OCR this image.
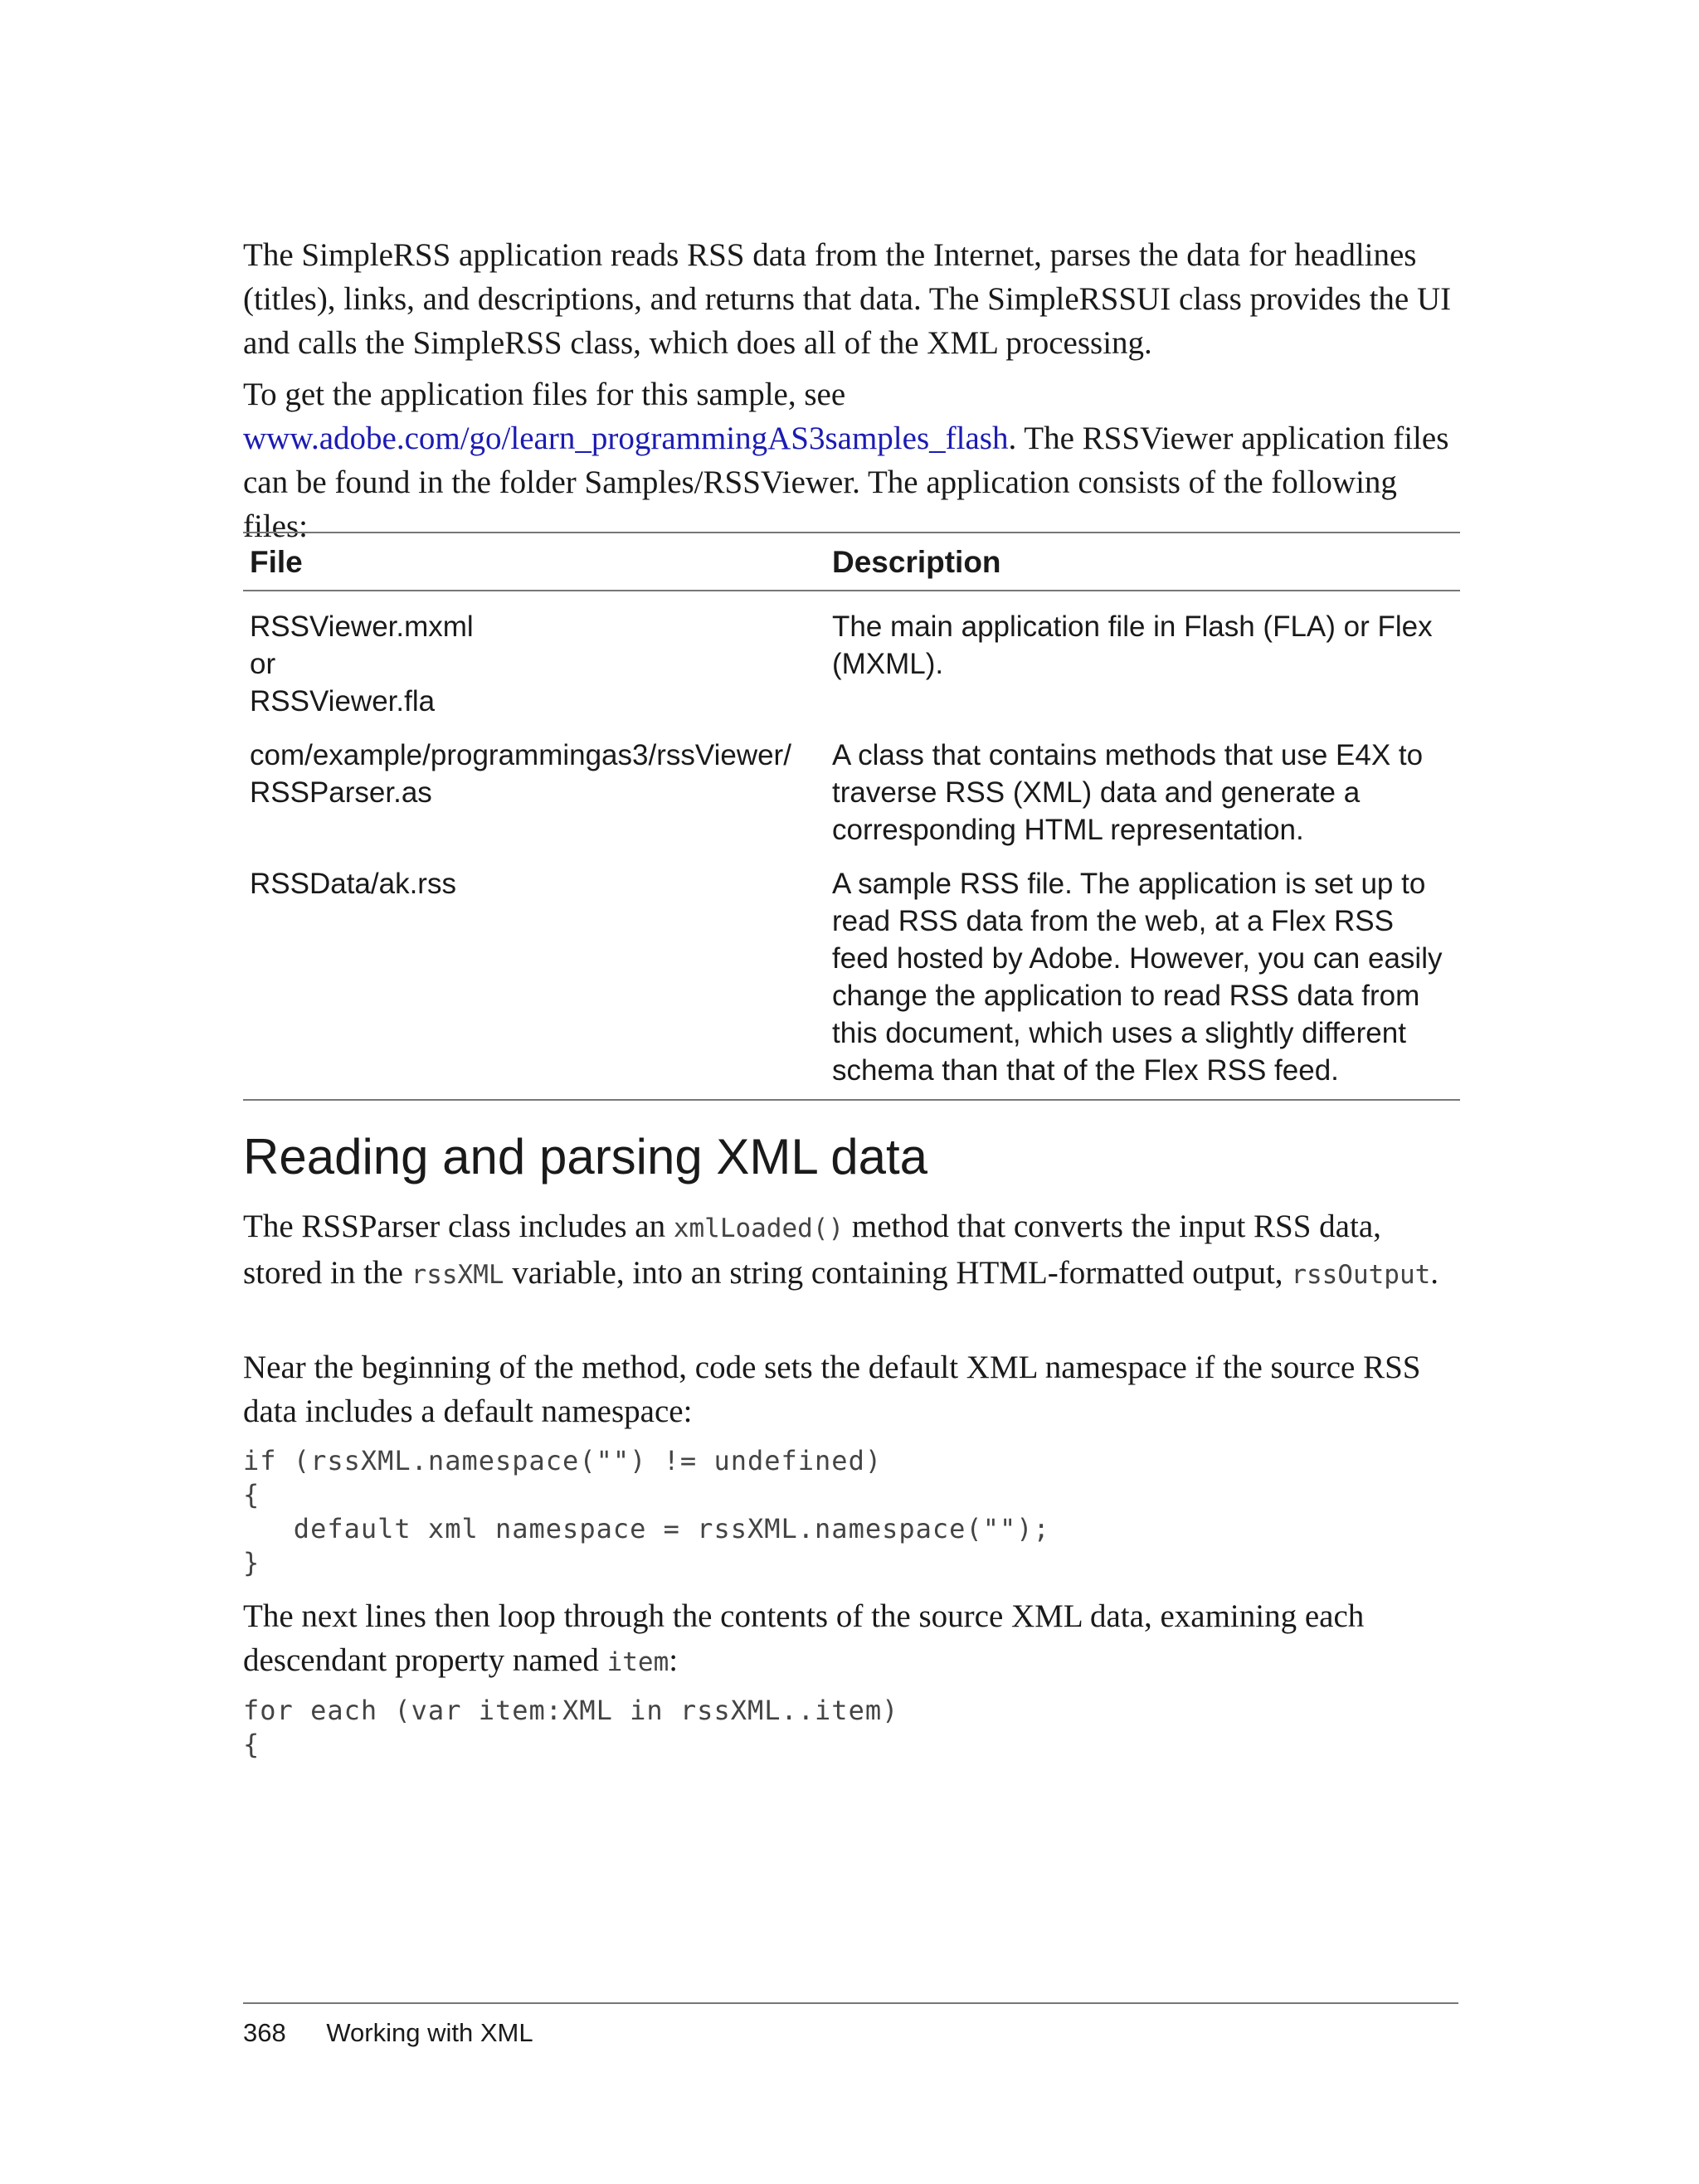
The SimpleRSS application reads RSS data from the Internet, parses the data for headlines (titles), links, and descriptions, and returns that data. The SimpleRSSUI class provides the UI and calls the SimpleRSS class, which does all of the XML processing.

To get the application files for this sample, see www.adobe.com/go/learn_programmingAS3samples_flash. The RSSViewer application files can be found in the folder Samples/RSSViewer. The application consists of the following files:

File	Description

RSSViewer.mxml
or
RSSViewer.fla	The main application file in Flash (FLA) or Flex (MXML).

com/example/programmingas3/rssViewer/
RSSParser.as	A class that contains methods that use E4X to traverse RSS (XML) data and generate a corresponding HTML representation.

RSSData/ak.rss	A sample RSS file. The application is set up to read RSS data from the web, at a Flex RSS feed hosted by Adobe. However, you can easily change the application to read RSS data from this document, which uses a slightly different schema than that of the Flex RSS feed.
Reading and parsing XML data

The RSSParser class includes an xmlLoaded() method that converts the input RSS data, stored in the rssXML variable, into an string containing HTML-formatted output, rssOutput.

Near the beginning of the method, code sets the default XML namespace if the source RSS data includes a default namespace:

if (rssXML.namespace("") != undefined)
{
default xml namespace = rssXML.namespace("");
}

The next lines then loop through the contents of the source XML data, examining each descendant property named item:

for each (var item:XML in rssXML..item)
{
368 Working with XML
